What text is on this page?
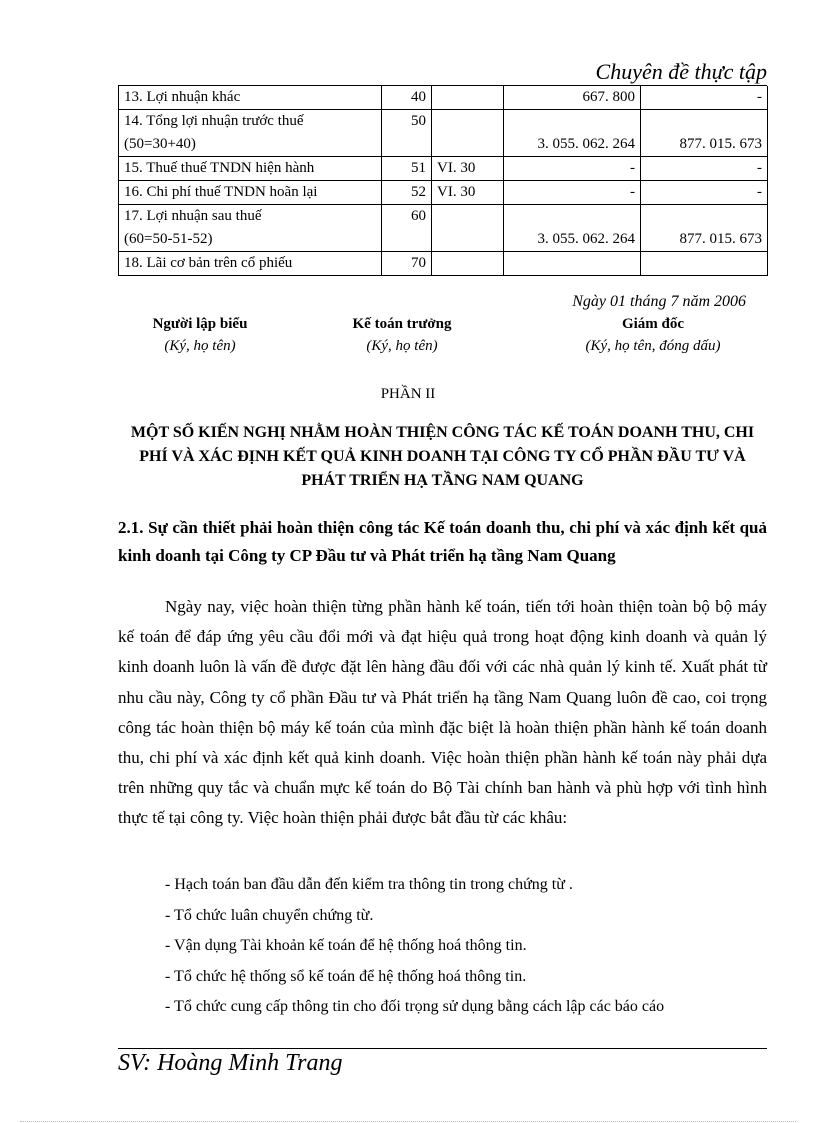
Chuyên đề thực tập
13. Lợi nhuận khác	40		667. 800	-

14. Tổng lợi nhuận trước thuế
(50=30+40)	50		3. 055. 062. 264	877. 015. 673
15. Thuế thuế TNDN hiện hành	51	VI. 30	-	-
16. Chi phí thuế TNDN hoãn lại	52	VI. 30	-	-

17. Lợi nhuận sau thuế
(60=50-51-52)	60		3. 055. 062. 264	877. 015. 673
18. Lãi cơ bản trên cổ phiếu	70			
Ngày 01 tháng 7 năm 2006
Người lập biểu
(Ký, họ tên)
Kế toán trưởng
(Ký, họ tên)
Giám đốc
(Ký, họ tên, đóng dấu)
PHẦN II
MỘT SỐ KIẾN NGHỊ NHẰM HOÀN THIỆN CÔNG TÁC KẾ TOÁN DOANH THU, CHI PHÍ VÀ XÁC ĐỊNH KẾT QUẢ KINH DOANH TẠI CÔNG TY CỔ PHẦN ĐẦU TƯ VÀ PHÁT TRIỂN HẠ TẦNG NAM QUANG
2.1. Sự cần thiết phải hoàn thiện công tác Kế toán doanh thu, chi phí và xác định kết quả kinh doanh tại Công ty CP Đầu tư và Phát triển hạ tầng Nam Quang
Ngày nay, việc hoàn thiện từng phần hành kế toán, tiến tới hoàn thiện toàn bộ bộ máy kế toán để đáp ứng yêu cầu đổi mới và đạt hiệu quả trong hoạt động kinh doanh và quản lý kinh doanh luôn là vấn đề được đặt lên hàng đầu đối với các nhà quản lý kinh tế. Xuất phát từ nhu cầu này, Công ty cổ phần Đầu tư và Phát triển hạ tầng Nam Quang luôn đề cao, coi trọng công tác hoàn thiện bộ máy kế toán của mình đặc biệt là hoàn thiện phần hành kế toán doanh thu, chi phí và xác định kết quả kinh doanh. Việc hoàn thiện phần hành kế toán này phải dựa trên những quy tắc và chuẩn mực kế toán do Bộ Tài chính ban hành và phù hợp với tình hình thực tế tại công ty. Việc hoàn thiện phải được bắt đầu từ các khâu:
- Hạch toán ban đầu dẫn đến kiểm tra thông tin trong chứng từ .
- Tổ chức luân chuyển chứng từ.
- Vận dụng Tài khoản kế toán để hệ thống hoá thông tin.
- Tổ chức hệ thống sổ kế toán để hệ thống hoá thông tin.
- Tổ chức cung cấp thông tin cho đối trọng sử dụng bằng cách lập các báo cáo
SV: Hoàng Minh Trang
